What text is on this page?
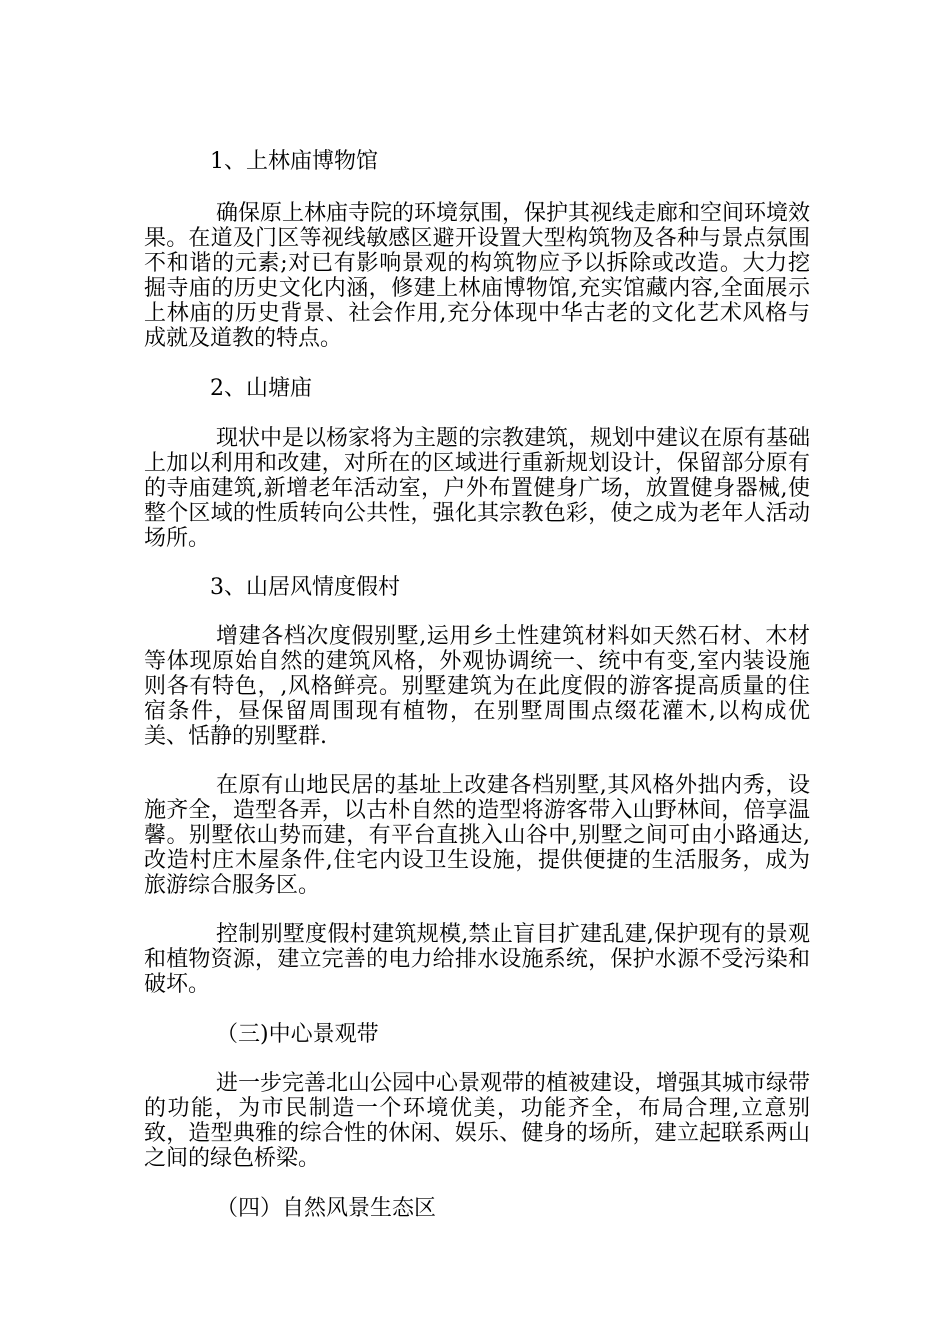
1、上林庙博物馆

确保原上林庙寺院的环境氛围，保护其视线走廊和空间环境效果。在道及门区等视线敏感区避开设置大型构筑物及各种与景点氛围不和谐的元素;对已有影响景观的构筑物应予以拆除或改造。大力挖掘寺庙的历史文化内涵，修建上林庙博物馆,充实馆藏内容,全面展示上林庙的历史背景、社会作用,充分体现中华古老的文化艺术风格与成就及道教的特点。

2、山塘庙

现状中是以杨家将为主题的宗教建筑，规划中建议在原有基础上加以利用和改建，对所在的区域进行重新规划设计，保留部分原有的寺庙建筑,新增老年活动室，户外布置健身广场，放置健身器械,使整个区域的性质转向公共性，强化其宗教色彩，使之成为老年人活动场所。

3、山居风情度假村

增建各档次度假别墅,运用乡土性建筑材料如天然石材、木材等体现原始自然的建筑风格，外观协调统一、统中有变,室内装设施则各有特色，,风格鲜亮。别墅建筑为在此度假的游客提高质量的住宿条件，昼保留周围现有植物，在别墅周围点缀花灌木,以构成优美、恬静的别墅群.

在原有山地民居的基址上改建各档别墅,其风格外拙内秀，设施齐全，造型各弄，以古朴自然的造型将游客带入山野林间，倍享温馨。别墅依山势而建，有平台直挑入山谷中,别墅之间可由小路通达,改造村庄木屋条件,住宅内设卫生设施，提供便捷的生活服务，成为旅游综合服务区。

控制别墅度假村建筑规模,禁止盲目扩建乱建,保护现有的景观和植物资源，建立完善的电力给排水设施系统，保护水源不受污染和破坏。

（三)中心景观带

进一步完善北山公园中心景观带的植被建设，增强其城市绿带的功能，为市民制造一个环境优美，功能齐全，布局合理,立意别致，造型典雅的综合性的休闲、娱乐、健身的场所，建立起联系两山之间的绿色桥梁。

（四）自然风景生态区
